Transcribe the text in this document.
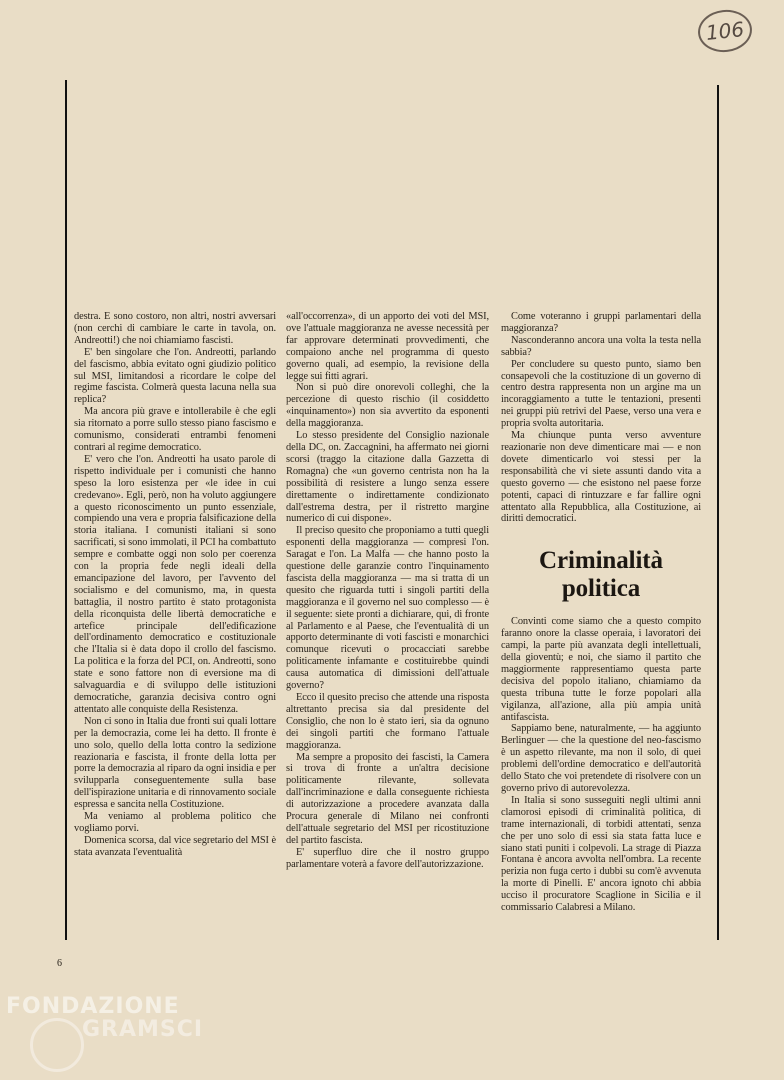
106

destra. E sono costoro, non altri, nostri avversari (non cerchi di cambiare le carte in tavola, on. Andreotti!) che noi chiamiamo fascisti.

E' ben singolare che l'on. Andreotti, parlando del fascismo, abbia evitato ogni giudizio politico sul MSI, limitandosi a ricordare le colpe del regime fascista. Colmerà questa lacuna nella sua replica?

Ma ancora più grave e intollerabile è che egli sia ritornato a porre sullo stesso piano fascismo e comunismo, considerati entrambi fenomeni contrari al regime democratico.

E' vero che l'on. Andreotti ha usato parole di rispetto individuale per i comunisti che hanno speso la loro esistenza per «le idee in cui credevano». Egli, però, non ha voluto aggiungere a questo riconoscimento un punto essenziale, compiendo una vera e propria falsificazione della storia italiana. I comunisti italiani si sono sacrificati, si sono immolati, il PCI ha combattuto sempre e combatte oggi non solo per coerenza con la propria fede negli ideali della emancipazione del lavoro, per l'avvento del socialismo e del comunismo, ma, in questa battaglia, il nostro partito è stato protagonista della riconquista delle libertà democratiche e artefice principale dell'edificazione dell'ordinamento democratico e costituzionale che l'Italia si è data dopo il crollo del fascismo. La politica e la forza del PCI, on. Andreotti, sono state e sono fattore non di eversione ma di salvaguardia e di sviluppo delle istituzioni democratiche, garanzia decisiva contro ogni attentato alle conquiste della Resistenza.

Non ci sono in Italia due fronti sui quali lottare per la democrazia, come lei ha detto. Il fronte è uno solo, quello della lotta contro la sedizione reazionaria e fascista, il fronte della lotta per porre la democrazia al riparo da ogni insidia e per svilupparla conseguentemente sulla base dell'ispirazione unitaria e di rinnovamento sociale espressa e sancita nella Costituzione.

Ma veniamo al problema politico che vogliamo porvi.

Domenica scorsa, dal vice segretario del MSI è stata avanzata l'eventualità

«all'occorrenza», di un apporto dei voti del MSI, ove l'attuale maggioranza ne avesse necessità per far approvare determinati provvedimenti, che compaiono anche nel programma di questo governo quali, ad esempio, la revisione della legge sui fitti agrari.

Non si può dire onorevoli colleghi, che la percezione di questo rischio (il cosiddetto «inquinamento») non sia avvertito da esponenti della maggioranza.

Lo stesso presidente del Consiglio nazionale della DC, on. Zaccagnini, ha affermato nei giorni scorsi (traggo la citazione dalla Gazzetta di Romagna) che «un governo centrista non ha la possibilità di resistere a lungo senza essere direttamente o indirettamente condizionato dall'estrema destra, per il ristretto margine numerico di cui dispone».

Il preciso quesito che proponiamo a tutti quegli esponenti della maggioranza — compresi l'on. Saragat e l'on. La Malfa — che hanno posto la questione delle garanzie contro l'inquinamento fascista della maggioranza — ma si tratta di un quesito che riguarda tutti i singoli partiti della maggioranza e il governo nel suo complesso — è il seguente: siete pronti a dichiarare, qui, di fronte al Parlamento e al Paese, che l'eventualità di un apporto determinante di voti fascisti e monarchici comunque ricevuti o procacciati sarebbe politicamente infamante e costituirebbe quindi causa automatica di dimissioni dell'attuale governo?

Ecco il quesito preciso che attende una risposta altrettanto precisa sia dal presidente del Consiglio, che non lo è stato ieri, sia da ognuno dei singoli partiti che formano l'attuale maggioranza.

Ma sempre a proposito dei fascisti, la Camera si trova di fronte a un'altra decisione politicamente rilevante, sollevata dall'incriminazione e dalla conseguente richiesta di autorizzazione a procedere avanzata dalla Procura generale di Milano nei confronti dell'attuale segretario del MSI per ricostituzione del partito fascista.

E' superfluo dire che il nostro gruppo parlamentare voterà a favore dell'autorizzazione.

Come voteranno i gruppi parlamentari della maggioranza?

Nasconderanno ancora una volta la testa nella sabbia?

Per concludere su questo punto, siamo ben consapevoli che la costituzione di un governo di centro destra rappresenta non un argine ma un incoraggiamento a tutte le tentazioni, presenti nei gruppi più retrivi del Paese, verso una vera e propria svolta autoritaria.

Ma chiunque punta verso avventure reazionarie non deve dimenticare mai — e non dovete dimenticarlo voi stessi per la responsabilità che vi siete assunti dando vita a questo governo — che esistono nel paese forze potenti, capaci di rintuzzare e far fallire ogni attentato alla Repubblica, alla Costituzione, ai diritti democratici.

Criminalità politica

Convinti come siamo che a questo compito faranno onore la classe operaia, i lavoratori dei campi, la parte più avanzata degli intellettuali, della gioventù; e noi, che siamo il partito che maggiormente rappresentiamo questa parte decisiva del popolo italiano, chiamiamo da questa tribuna tutte le forze popolari alla vigilanza, all'azione, alla più ampia unità antifascista.

Sappiamo bene, naturalmente, — ha aggiunto Berlinguer — che la questione del neo-fascismo è un aspetto rilevante, ma non il solo, di quei problemi dell'ordine democratico e dell'autorità dello Stato che voi pretendete di risolvere con un governo privo di autorevolezza.

In Italia si sono susseguiti negli ultimi anni clamorosi episodi di criminalità politica, di trame internazionali, di torbidi attentati, senza che per uno solo di essi sia stata fatta luce e siano stati puniti i colpevoli. La strage di Piazza Fontana è ancora avvolta nell'ombra. La recente perizia non fuga certo i dubbi su com'è avvenuta la morte di Pinelli. E' ancora ignoto chi abbia ucciso il procuratore Scaglione in Sicilia e il commissario Calabresi a Milano.

6
FONDAZIONE
GRAMSCI
